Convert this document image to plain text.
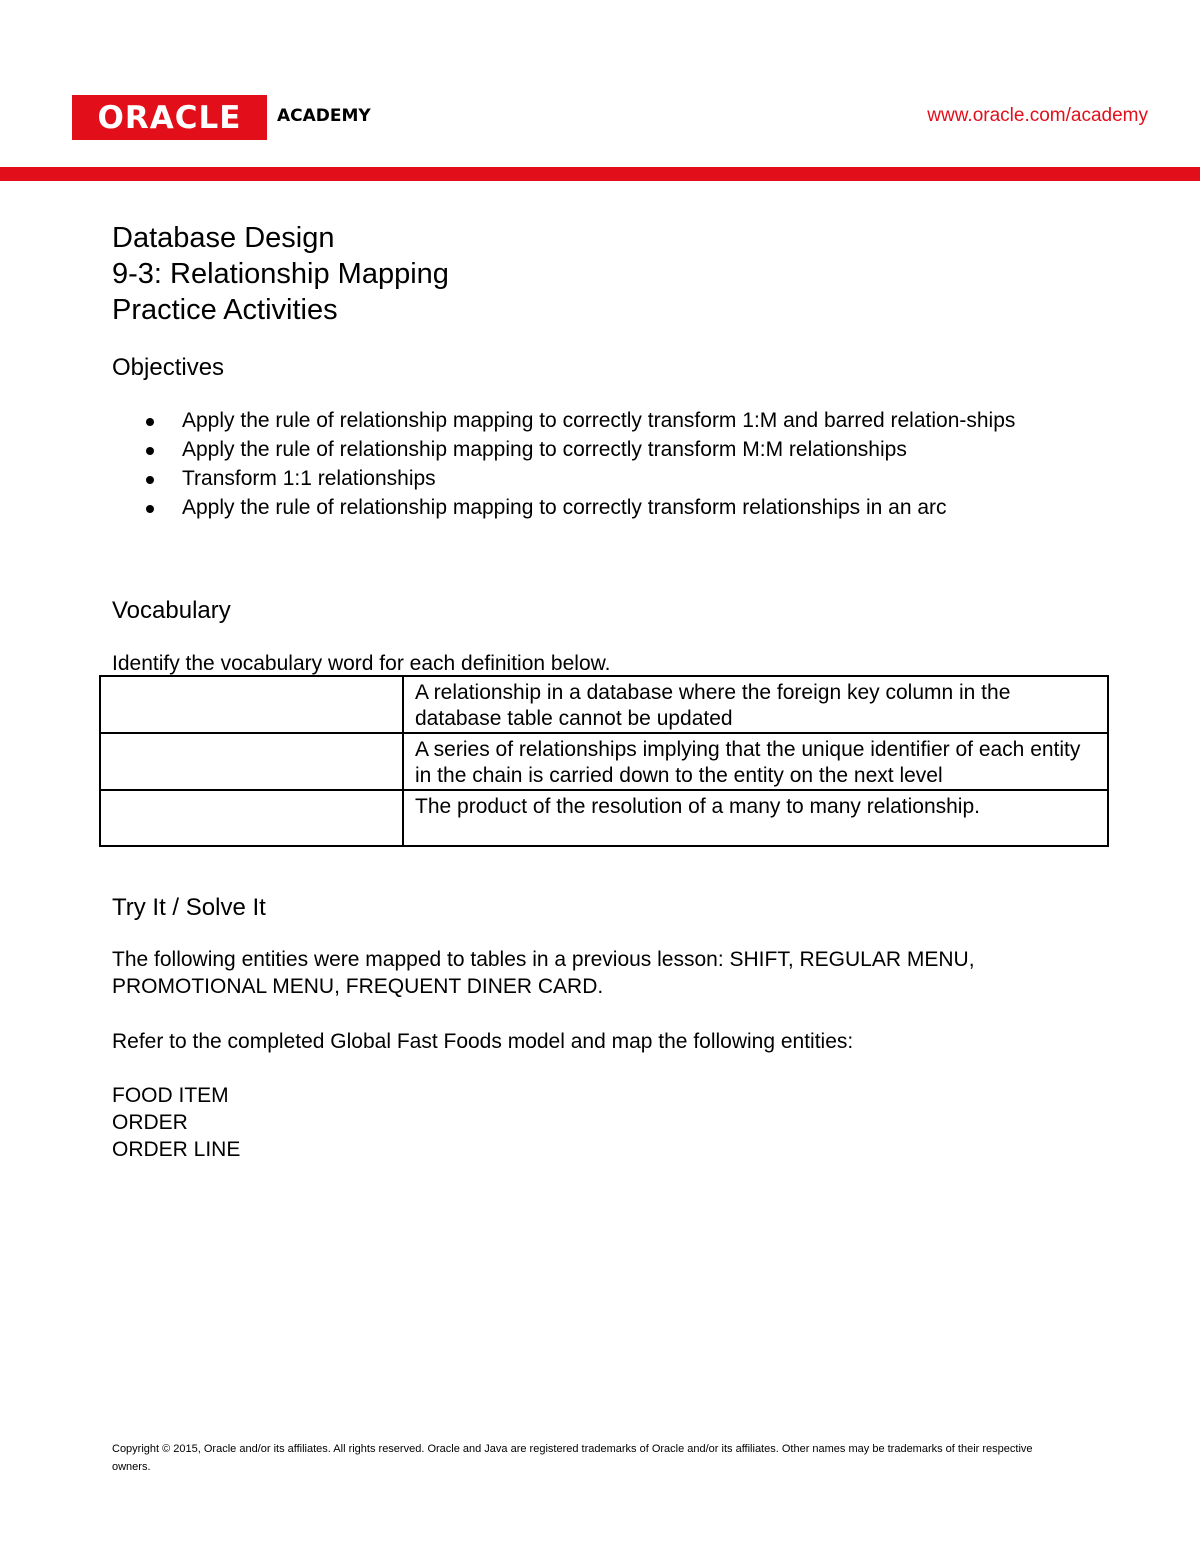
ORACLE ACADEMY	www.oracle.com/academy
Database Design
9-3: Relationship Mapping
Practice Activities
Objectives
Apply the rule of relationship mapping to correctly transform 1:M and barred relation-ships
Apply the rule of relationship mapping to correctly transform M:M relationships
Transform 1:1 relationships
Apply the rule of relationship mapping to correctly transform relationships in an arc
Vocabulary
Identify the vocabulary word for each definition below.
	A relationship in a database where the foreign key column in the database table cannot be updated
	A series of relationships implying that the unique identifier of each entity in the chain is carried down to the entity on the next level
	The product of the resolution of a many to many relationship.
Try It / Solve It
The following entities were mapped to tables in a previous lesson: SHIFT, REGULAR MENU, PROMOTIONAL MENU, FREQUENT DINER CARD.
Refer to the completed Global Fast Foods model and map the following entities:
FOOD ITEM
ORDER
ORDER LINE
Copyright © 2015, Oracle and/or its affiliates. All rights reserved. Oracle and Java are registered trademarks of Oracle and/or its affiliates. Other names may be trademarks of their respective owners.
